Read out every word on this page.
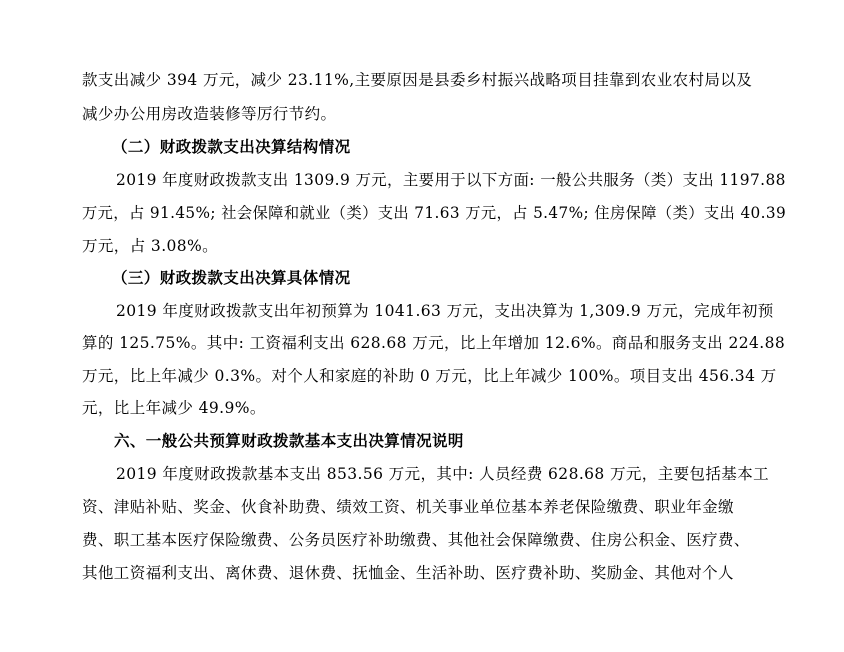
款支出减少 394 万元，减少 23.11%,主要原因是县委乡村振兴战略项目挂靠到农业农村局以及
减少办公用房改造装修等厉行节约。
（二）财政拨款支出决算结构情况
2019 年度财政拨款支出 1309.9 万元，主要用于以下方面: 一般公共服务（类）支出 1197.88
万元，占 91.45%; 社会保障和就业（类）支出 71.63 万元，占 5.47%; 住房保障（类）支出 40.39
万元，占 3.08%。
（三）财政拨款支出决算具体情况
2019 年度财政拨款支出年初预算为 1041.63 万元，支出决算为 1,309.9 万元，完成年初预
算的 125.75%。其中: 工资福利支出 628.68 万元，比上年增加 12.6%。商品和服务支出 224.88
万元，比上年减少 0.3%。对个人和家庭的补助 0 万元，比上年减少 100%。项目支出 456.34 万
元，比上年减少 49.9%。
六、一般公共预算财政拨款基本支出决算情况说明
2019 年度财政拨款基本支出 853.56 万元，其中: 人员经费 628.68 万元，主要包括基本工
资、津贴补贴、奖金、伙食补助费、绩效工资、机关事业单位基本养老保险缴费、职业年金缴
费、职工基本医疗保险缴费、公务员医疗补助缴费、其他社会保障缴费、住房公积金、医疗费、
其他工资福利支出、离休费、退休费、抚恤金、生活补助、医疗费补助、奖励金、其他对个人
